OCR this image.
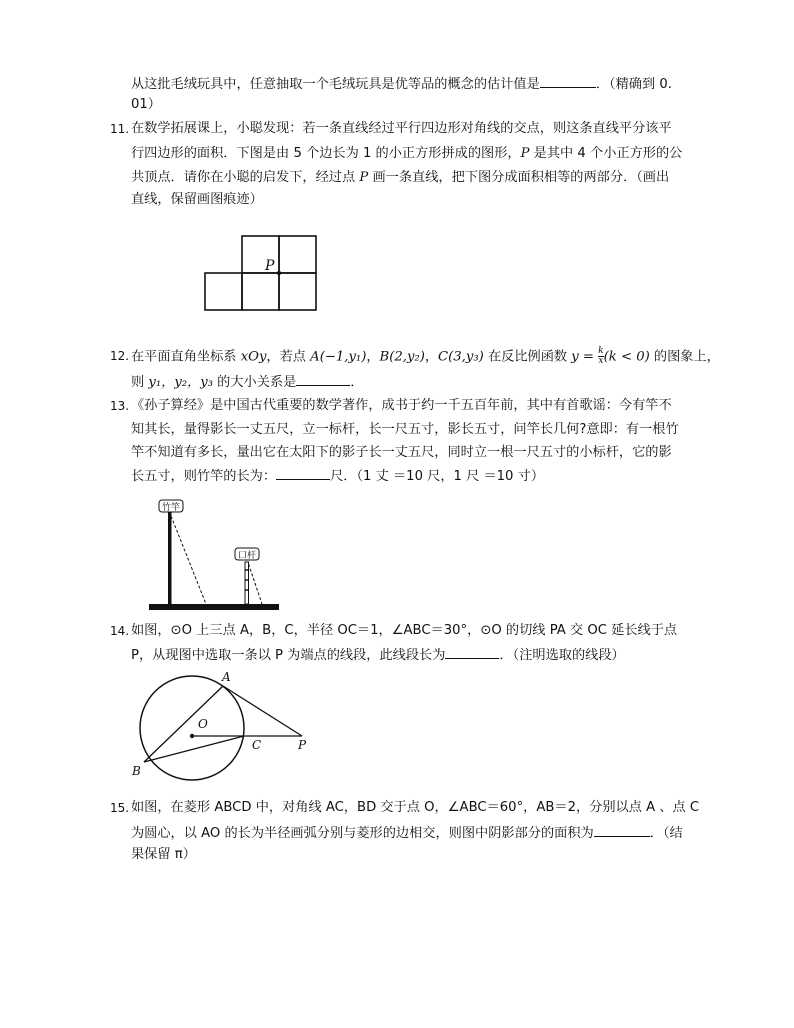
从这批毛绒玩具中，任意抽取一个毛绒玩具是优等品的概念的估计值是	．（精确到 0.
01）
11. 在数学拓展课上，小聪发现：若一条直线经过平行四边形对角线的交点，则这条直线平分该平
行四边形的面积．下图是由 5 个边长为 1 的小正方形拼成的图形，P 是其中 4 个小正方形的公
共顶点．请你在小聪的启发下，经过点 P 画一条直线，把下图分成面积相等的两部分．（画出
直线，保留画图痕迹）
P
12. 在平面直角坐标系 xOy，若点 A(−1,y₁)，B(2,y₂)，C(3,y₃) 在反比例函数 $y = \frac{k}{x} (k < 0)$ 的图象上，
则 y₁，y₂，y₃ 的大小关系是	．
13. 《孙子算经》是中国古代重要的数学著作，成书于约一千五百年前，其中有首歌谣：今有竿不
知其长，量得影长一丈五尺，立一标杆，长一尺五寸，影长五寸，问竿长几何?意即：有一根竹
竿不知道有多长，量出它在太阳下的影子长一丈五尺，同时立一根一尺五寸的小标杆，它的影
长五寸，则竹竿的长为：	尺．（1 丈 ＝10 尺，1 尺 ＝10 寸）
竹竿
口杆
14. 如图，⊙O 上三点 A，B，C，半径 OC＝1，∠ABC＝30°，⊙O 的切线 PA 交 OC 延长线于点
P，从现图中选取一条以 P 为端点的线段，此线段长为	．（注明选取的线段）
A
O
C	P
B
15. 如图，在菱形 ABCD 中，对角线 AC，BD 交于点 O，∠ABC＝60°，AB＝2，分别以点 A 、点 C
为圆心，以 AO 的长为半径画弧分别与菱形的边相交，则图中阴影部分的面积为	．（结
果保留 π）
